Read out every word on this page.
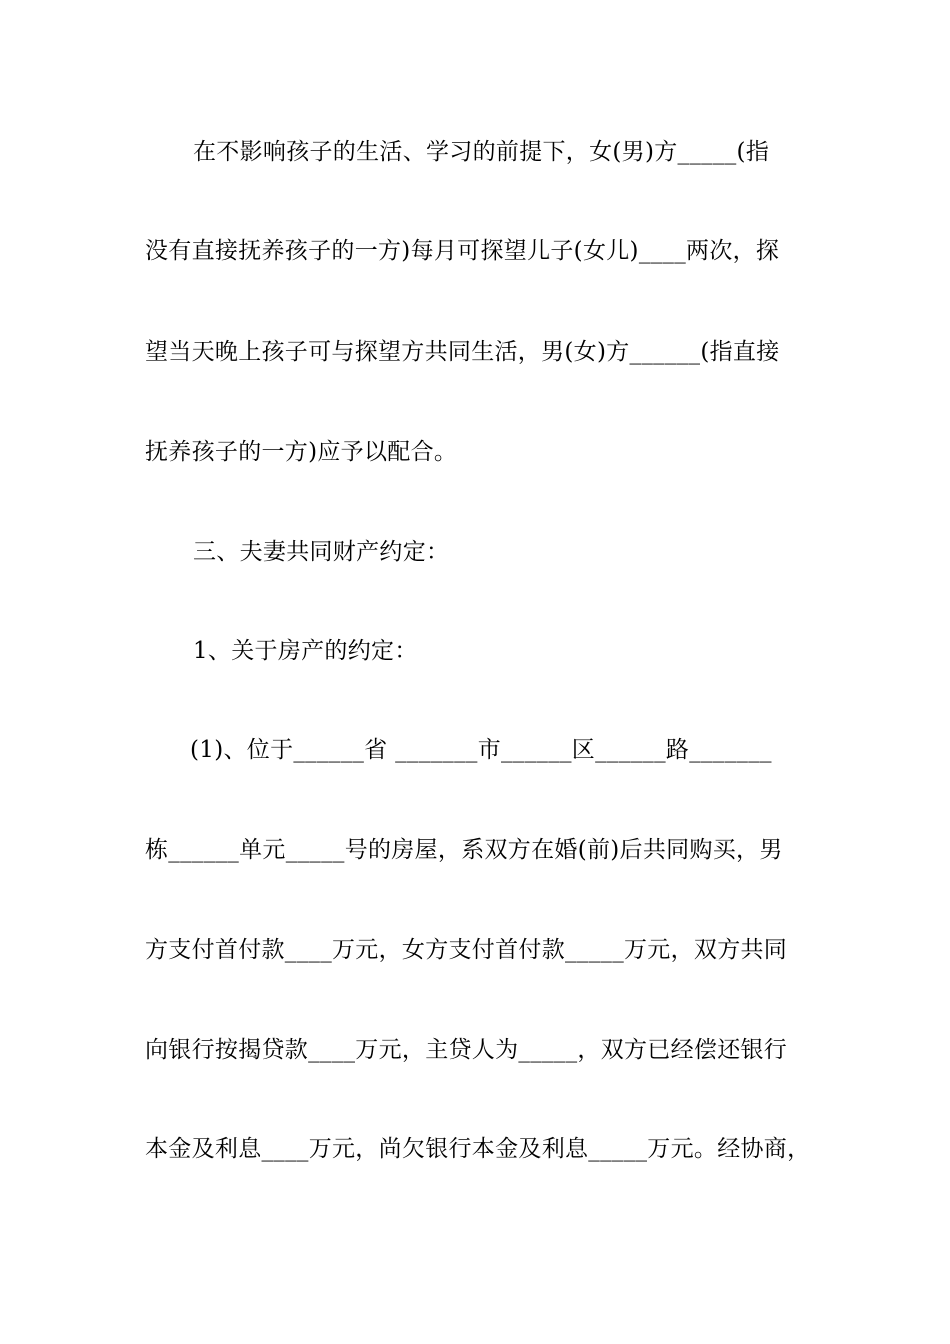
在不影响孩子的生活、学习的前提下，女(男)方_____(指
没有直接抚养孩子的一方)每月可探望儿子(女儿)____两次，探
望当天晚上孩子可与探望方共同生活，男(女)方______(指直接
抚养孩子的一方)应予以配合。
三、夫妻共同财产约定：
1、关于房产的约定：
(1)、位于______省 _______市______区______路_______
栋______单元_____号的房屋，系双方在婚(前)后共同购买，男
方支付首付款____万元，女方支付首付款_____万元，双方共同
向银行按揭贷款____万元，主贷人为_____，双方已经偿还银行
本金及利息____万元，尚欠银行本金及利息_____万元。经协商，
